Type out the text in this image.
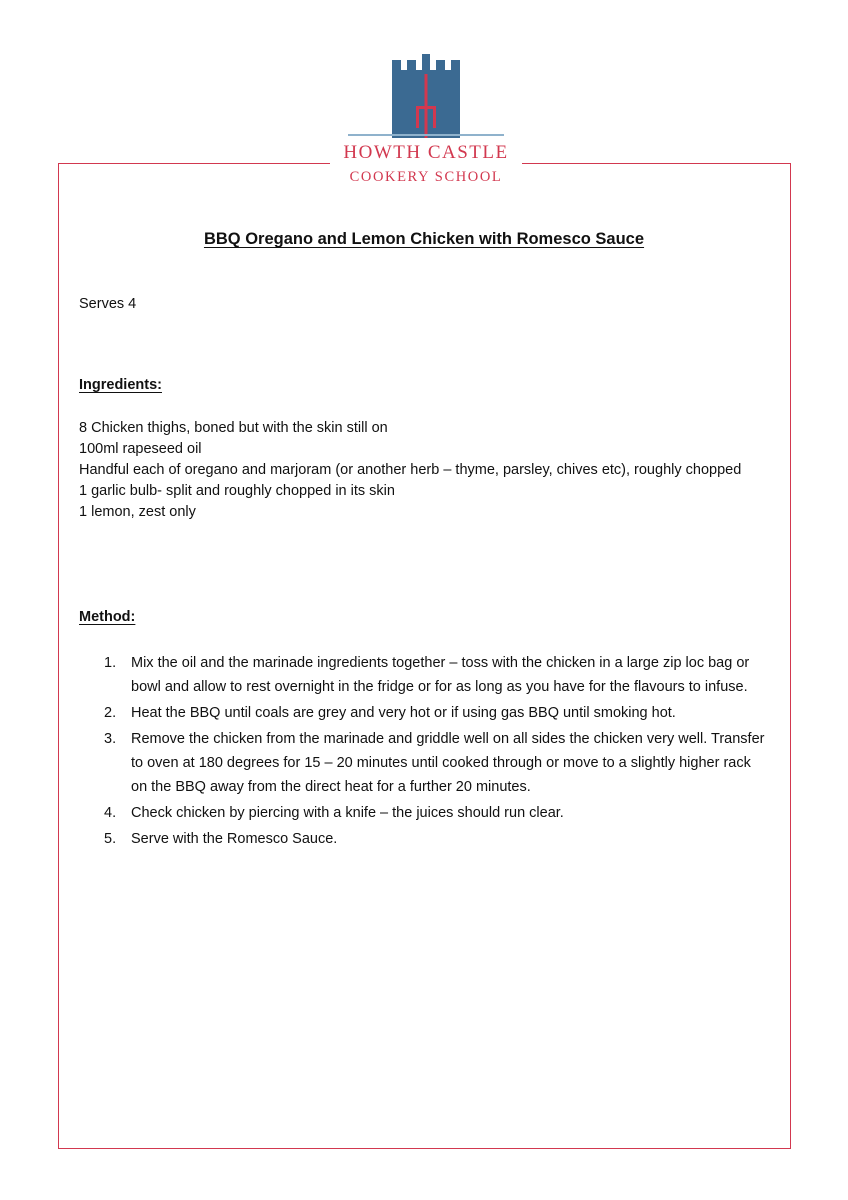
HOWTH CASTLE
COOKERY SCHOOL
BBQ Oregano and Lemon Chicken with Romesco Sauce
Serves 4
Ingredients:
8 Chicken thighs, boned but with the skin still on
100ml rapeseed oil
Handful each of oregano and marjoram (or another herb – thyme, parsley, chives etc), roughly chopped
1 garlic bulb- split and roughly chopped in its skin
1 lemon, zest only
Method:
1. Mix the oil and the marinade ingredients together – toss with the chicken in a large zip loc bag or bowl and allow to rest overnight in the fridge or for as long as you have for the flavours to infuse.
2. Heat the BBQ until coals are grey and very hot or if using gas BBQ until smoking hot.
3. Remove the chicken from the marinade and griddle well on all sides the chicken very well. Transfer to oven at 180 degrees for 15 – 20 minutes until cooked through or move to a slightly higher rack on the BBQ away from the direct heat for a further 20 minutes.
4. Check chicken by piercing with a knife – the juices should run clear.
5. Serve with the Romesco Sauce.
